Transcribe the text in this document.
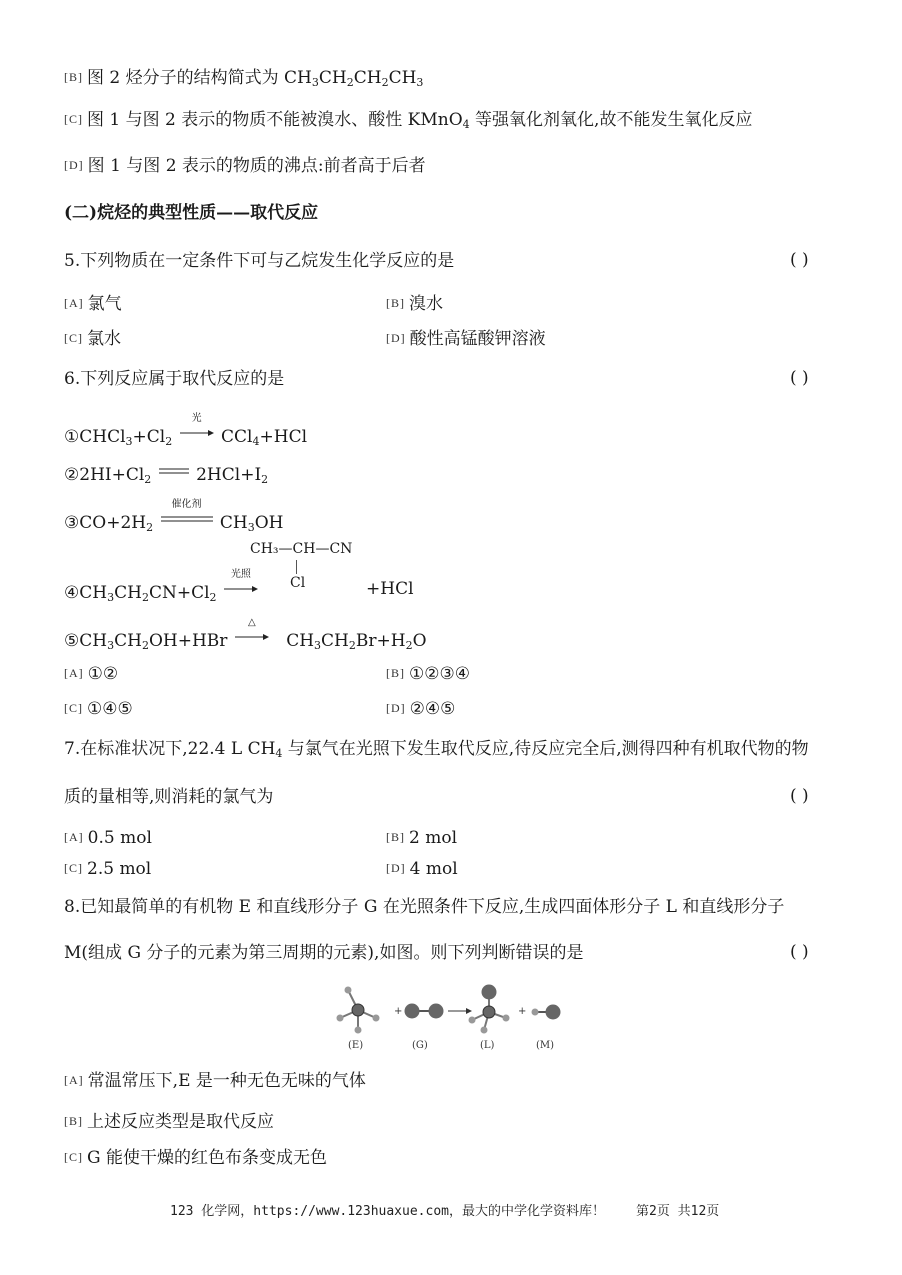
[B] 图 2 烃分子的结构简式为 $CH_3CH_2CH_2CH_3$
[C] 图 1 与图 2 表示的物质不能被溴水、酸性 KMnO$_4$ 等强氧化剂氧化,故不能发生氧化反应
[D] 图 1 与图 2 表示的物质的沸点:前者高于后者
(二)烷烃的典型性质——取代反应
5.下列物质在一定条件下可与乙烷发生化学反应的是	( )
[A] 氯气	[B] 溴水
[C] 氯水	[D] 酸性高锰酸钾溶液
6.下列反应属于取代反应的是	( )
$①CHCl_3+Cl_2$
光
CCl$_4$+HCl
$②2HI+Cl_2$	$2HCl+I_2$
$③CO+2H_2$
催化剂
$CH_3OH$
CH₃—CH—CN
Cl
$④CH_3CH_2CN+Cl_2$
光照
+HCl
$⑤CH_3CH_2OH+HBr$
△
$CH_3CH_2Br+H_2O$
[A] ①②	[B] ①②③④
[C] ①④⑤	[D] ②④⑤
7.在标准状况下,22.4 L $CH_4$ 与氯气在光照下发生取代反应,待反应完全后,测得四种有机取代物的物
质的量相等,则消耗的氯气为	( )
[A] 0.5 mol	[B] 2 mol
[C] 2.5 mol	[D] 4 mol
8.已知最简单的有机物 E 和直线形分子 G 在光照条件下反应,生成四面体形分子 L 和直线形分子
M(组成 G 分子的元素为第三周期的元素),如图。则下列判断错误的是	( )
+	+
(E)	(G)	(L)	(M)
[A] 常温常压下,E 是一种无色无味的气体
[B] 上述反应类型是取代反应
[C] G 能使干燥的红色布条变成无色
123 化学网，https://www.123huaxue.com，最大的中学化学资料库！ 第2页 共12页
